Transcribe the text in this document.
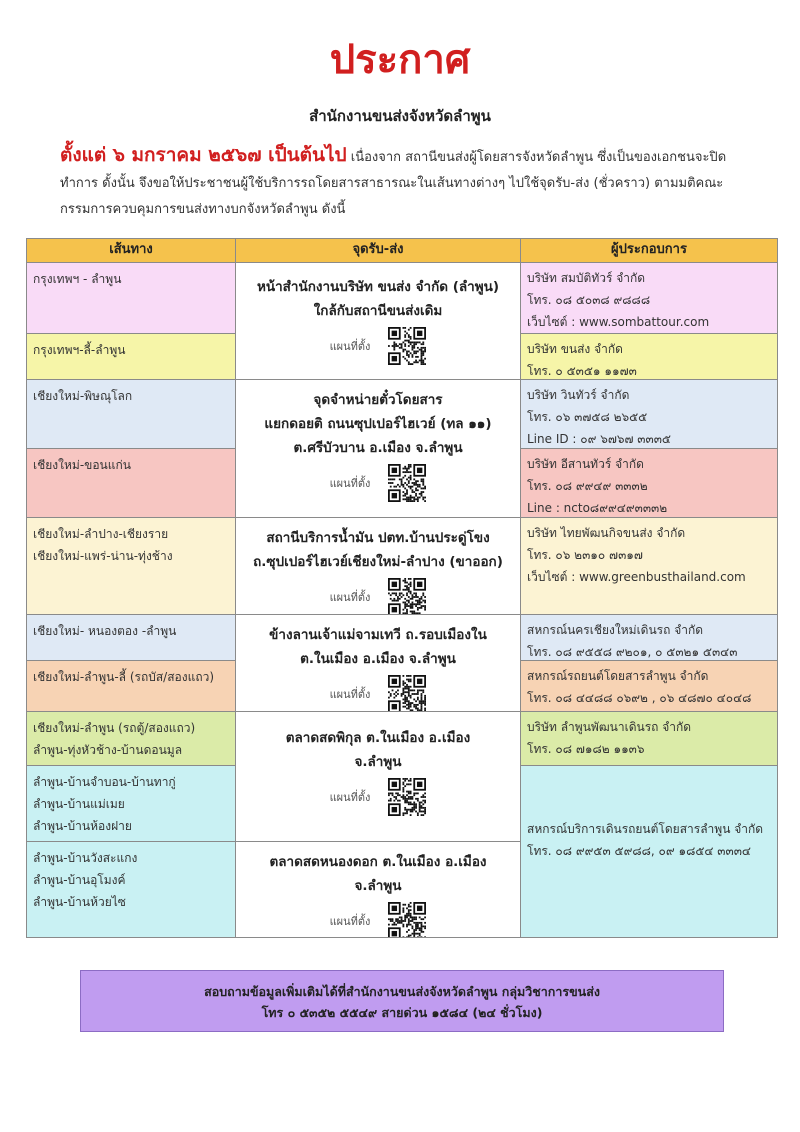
ประกาศ
สำนักงานขนส่งจังหวัดลำพูน
ตั้งแต่ ๖ มกราคม ๒๕๖๗ เป็นต้นไป เนื่องจาก สถานีขนส่งผู้โดยสารจังหวัดลำพูน ซึ่งเป็นของเอกชนจะปิดทำการ ดั้งนั้น จึงขอให้ประชาชนผู้ใช้บริการรถโดยสารสาธารณะในเส้นทางต่างๆ ไปใช้จุดรับ-ส่ง (ชั่วคราว) ตามมติคณะกรรมการควบคุมการขนส่งทางบกจังหวัดลำพูน ดังนี้
เส้นทาง	จุดรับ-ส่ง	ผู้ประกอบการ
กรุงเทพฯ - ลำพูน
กรุงเทพฯ-ลี้-ลำพูน
เชียงใหม่-พิษณุโลก
เชียงใหม่-ขอนแก่น
เชียงใหม่-ลำปาง-เชียงราย
เชียงใหม่-แพร่-น่าน-ทุ่งช้าง
เชียงใหม่- หนองตอง -ลำพูน
เชียงใหม่-ลำพูน-ลี้ (รถบัส/สองแถว)
เชียงใหม่-ลำพูน (รถตู้/สองแถว)
ลำพูน-ทุ่งหัวช้าง-บ้านดอนมูล
ลำพูน-บ้านจำบอน-บ้านทากู่
ลำพูน-บ้านแม่เมย
ลำพูน-บ้านห้องฝาย
ลำพูน-บ้านวังสะแกง
ลำพูน-บ้านอุโมงค์
ลำพูน-บ้านห้วยไซ
หน้าสำนักงานบริษัท ขนส่ง จำกัด (ลำพูน)
ใกล้กับสถานีขนส่งเดิม
แผนที่ตั้ง
จุดจำหน่ายตั๋วโดยสาร
แยกดอยติ ถนนซุปเปอร์ไฮเวย์ (ทล ๑๑)
ต.ศรีบัวบาน อ.เมือง จ.ลำพูน
แผนที่ตั้ง
สถานีบริการน้ำมัน ปตท.บ้านประดู่โขง
ถ.ซุปเปอร์ไฮเวย์เชียงใหม่-ลำปาง (ขาออก)
แผนที่ตั้ง
ข้างลานเจ้าแม่จามเทวี ถ.รอบเมืองใน
ต.ในเมือง อ.เมือง จ.ลำพูน
แผนที่ตั้ง
ตลาดสดพิกุล ต.ในเมือง อ.เมือง
จ.ลำพูน
แผนที่ตั้ง
ตลาดสดหนองดอก ต.ในเมือง อ.เมือง
จ.ลำพูน
แผนที่ตั้ง
บริษัท สมบัติทัวร์ จำกัด
โทร. ๐๘ ๕๐๓๘ ๙๘๘๘
เว็บไซต์ : www.sombattour.com
บริษัท ขนส่ง จำกัด
โทร. ๐ ๕๓๕๑ ๑๑๗๓
บริษัท วินทัวร์ จำกัด
โทร. ๐๖ ๓๗๕๘ ๒๖๕๕
Line ID : ๐๙ ๖๗๖๗ ๓๓๓๕
บริษัท อีสานทัวร์ จำกัด
โทร. ๐๘ ๙๙๔๙ ๓๓๓๒
Line : ncto๘๙๙๔๙๓๓๓๒
บริษัท ไทยพัฒนกิจขนส่ง จำกัด
โทร. ๐๖ ๒๓๑๐ ๗๓๑๗
เว็บไซต์ : www.greenbusthailand.com
สหกรณ์นครเชียงใหม่เดินรถ จำกัด
โทร. ๐๘ ๙๕๕๘ ๙๒๐๑, ๐ ๕๓๒๑ ๕๓๔๓
สหกรณ์รถยนต์โดยสารลำพูน จำกัด
โทร. ๐๘ ๔๔๘๘ ๐๖๙๒ , ๐๖ ๔๘๗๐ ๔๐๔๘
บริษัท ลำพูนพัฒนาเดินรถ จำกัด
โทร. ๐๘ ๗๑๘๒ ๑๑๓๖
สหกรณ์บริการเดินรถยนต์โดยสารลำพูน จำกัด
โทร. ๐๘ ๙๙๕๓ ๕๙๘๘, ๐๙ ๑๘๕๔ ๓๓๓๔
สอบถามข้อมูลเพิ่มเติมได้ที่สำนักงานขนส่งจังหวัดลำพูน กลุ่มวิชาการขนส่ง
โทร ๐ ๕๓๕๒ ๕๕๔๙ สายด่วน ๑๕๘๔ (๒๔ ชั่วโมง)
